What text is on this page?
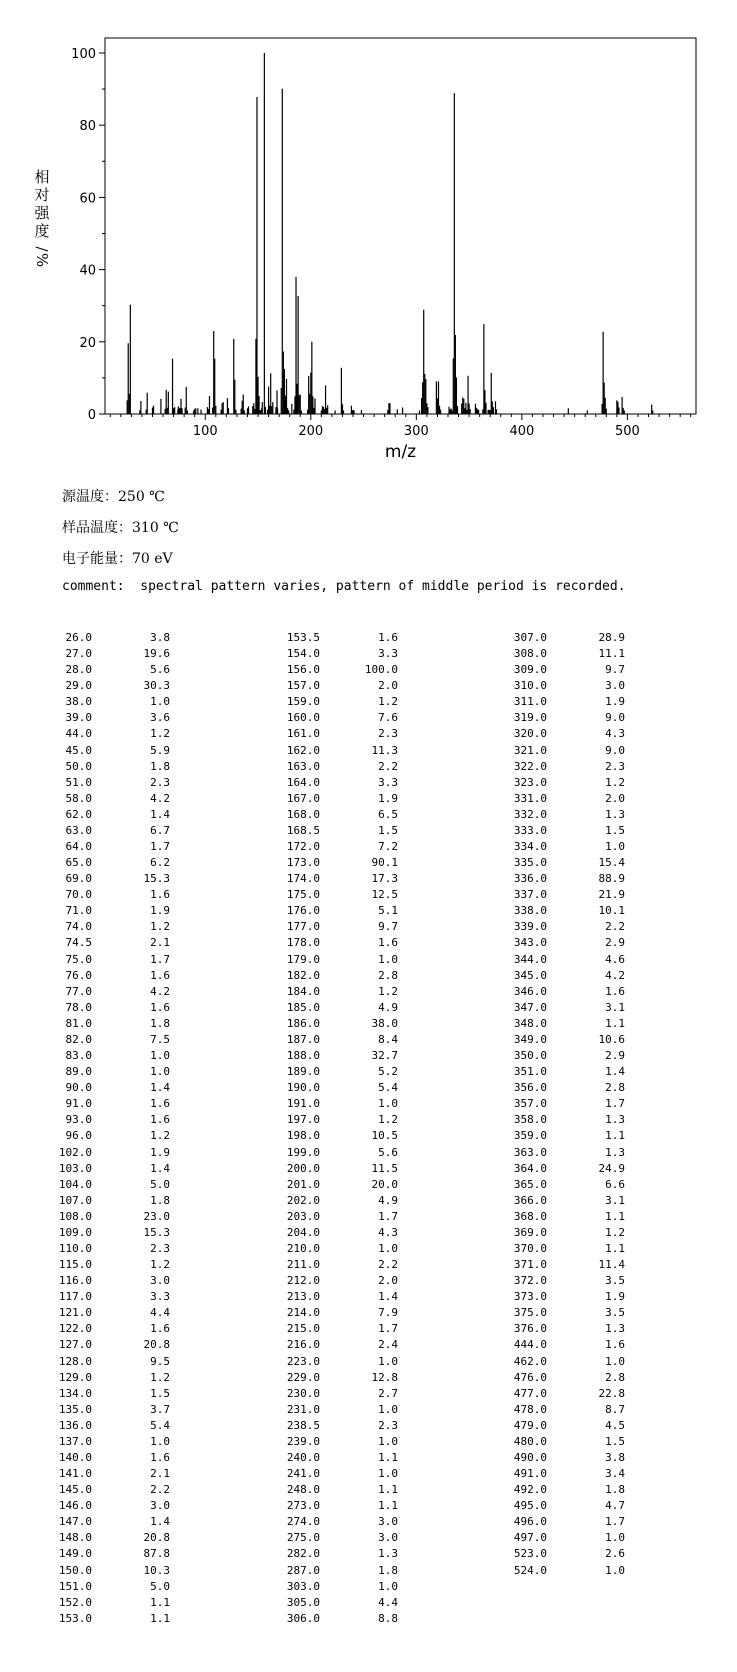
0
20
40
60
80
100
100	200	300	400	500
m/z
相
对
强
度
/
%
源温度：250 ℃
样品温度：310 ℃
电子能量：70 eV
comment:  spectral pattern varies, pattern of middle period is recorded.
26.0	3.8
27.0	19.6
28.0	5.6
29.0	30.3
38.0	1.0
39.0	3.6
44.0	1.2
45.0	5.9
50.0	1.8
51.0	2.3
58.0	4.2
62.0	1.4
63.0	6.7
64.0	1.7
65.0	6.2
69.0	15.3
70.0	1.6
71.0	1.9
74.0	1.2
74.5	2.1
75.0	1.7
76.0	1.6
77.0	4.2
78.0	1.6
81.0	1.8
82.0	7.5
83.0	1.0
89.0	1.0
90.0	1.4
91.0	1.6
93.0	1.6
96.0	1.2
102.0	1.9
103.0	1.4
104.0	5.0
107.0	1.8
108.0	23.0
109.0	15.3
110.0	2.3
115.0	1.2
116.0	3.0
117.0	3.3
121.0	4.4
122.0	1.6
127.0	20.8
128.0	9.5
129.0	1.2
134.0	1.5
135.0	3.7
136.0	5.4
137.0	1.0
140.0	1.6
141.0	2.1
145.0	2.2
146.0	3.0
147.0	1.4
148.0	20.8
149.0	87.8
150.0	10.3
151.0	5.0
152.0	1.1
153.0	1.1
153.5	1.6
154.0	3.3
156.0	100.0
157.0	2.0
159.0	1.2
160.0	7.6
161.0	2.3
162.0	11.3
163.0	2.2
164.0	3.3
167.0	1.9
168.0	6.5
168.5	1.5
172.0	7.2
173.0	90.1
174.0	17.3
175.0	12.5
176.0	5.1
177.0	9.7
178.0	1.6
179.0	1.0
182.0	2.8
184.0	1.2
185.0	4.9
186.0	38.0
187.0	8.4
188.0	32.7
189.0	5.2
190.0	5.4
191.0	1.0
197.0	1.2
198.0	10.5
199.0	5.6
200.0	11.5
201.0	20.0
202.0	4.9
203.0	1.7
204.0	4.3
210.0	1.0
211.0	2.2
212.0	2.0
213.0	1.4
214.0	7.9
215.0	1.7
216.0	2.4
223.0	1.0
229.0	12.8
230.0	2.7
231.0	1.0
238.5	2.3
239.0	1.0
240.0	1.1
241.0	1.0
248.0	1.1
273.0	1.1
274.0	3.0
275.0	3.0
282.0	1.3
287.0	1.8
303.0	1.0
305.0	4.4
306.0	8.8
307.0	28.9
308.0	11.1
309.0	9.7
310.0	3.0
311.0	1.9
319.0	9.0
320.0	4.3
321.0	9.0
322.0	2.3
323.0	1.2
331.0	2.0
332.0	1.3
333.0	1.5
334.0	1.0
335.0	15.4
336.0	88.9
337.0	21.9
338.0	10.1
339.0	2.2
343.0	2.9
344.0	4.6
345.0	4.2
346.0	1.6
347.0	3.1
348.0	1.1
349.0	10.6
350.0	2.9
351.0	1.4
356.0	2.8
357.0	1.7
358.0	1.3
359.0	1.1
363.0	1.3
364.0	24.9
365.0	6.6
366.0	3.1
368.0	1.1
369.0	1.2
370.0	1.1
371.0	11.4
372.0	3.5
373.0	1.9
375.0	3.5
376.0	1.3
444.0	1.6
462.0	1.0
476.0	2.8
477.0	22.8
478.0	8.7
479.0	4.5
480.0	1.5
490.0	3.8
491.0	3.4
492.0	1.8
495.0	4.7
496.0	1.7
497.0	1.0
523.0	2.6
524.0	1.0
